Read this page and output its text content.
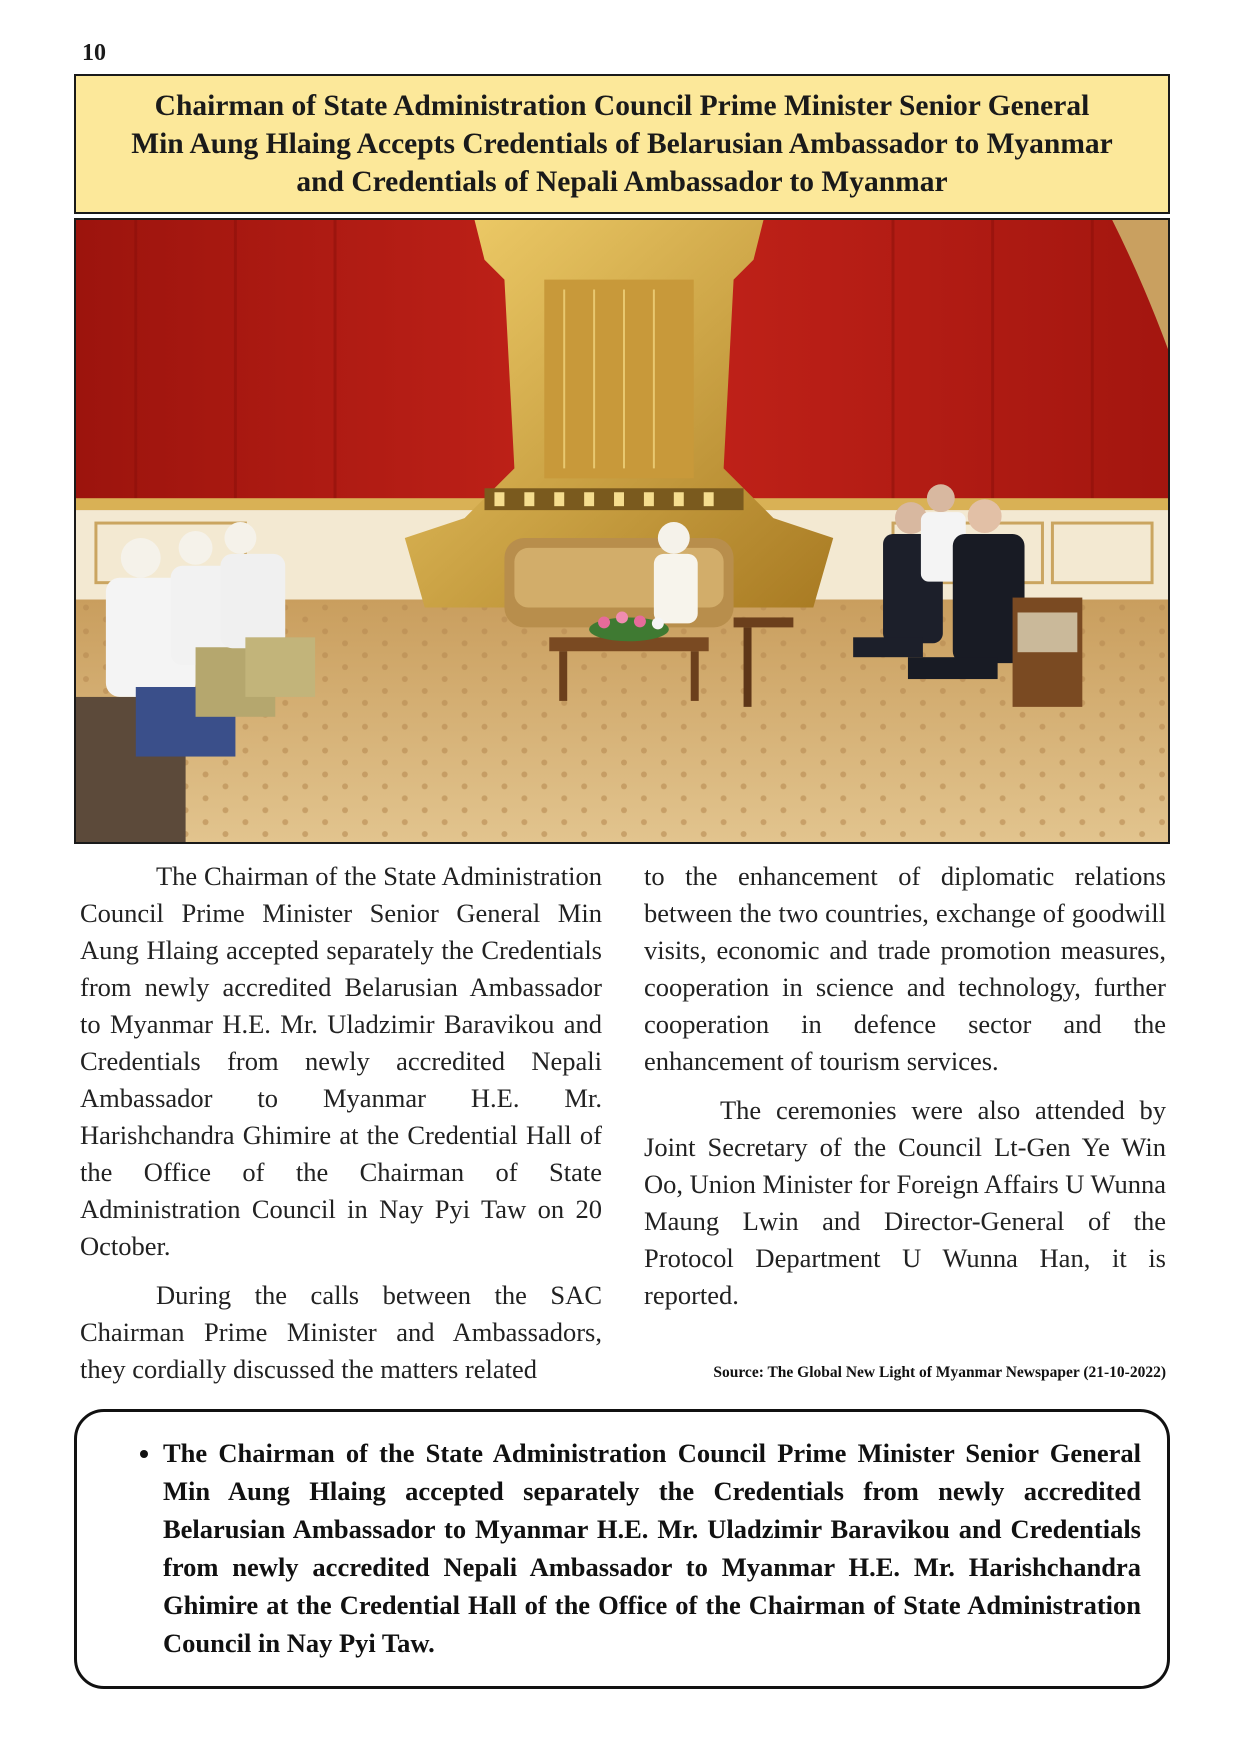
10
Chairman of State Administration Council Prime Minister Senior General
Min Aung Hlaing Accepts Credentials of Belarusian Ambassador to Myanmar
and Credentials of Nepali Ambassador to Myanmar

The Chairman of the State Administration Council Prime Minister Senior General Min Aung Hlaing accepted separately the Credentials from newly accredited Belarusian Ambassador to Myanmar H.E. Mr. Uladzimir Baravikou and Credentials from newly accredited Nepali Ambassador to Myanmar H.E. Mr. Harishchandra Ghimire at the Credential Hall of the Office of the Chairman of State Administration Council in Nay Pyi Taw on 20 October.

During the calls between the SAC Chairman Prime Minister and Ambassadors, they cordially discussed the matters related

to the enhancement of diplomatic relations between the two countries, exchange of goodwill visits, economic and trade promotion measures, cooperation in science and technology, further cooperation in defence sector and the enhancement of tourism services.

The ceremonies were also attended by Joint Secretary of the Council Lt-Gen Ye Win Oo, Union Minister for Foreign Affairs U Wunna Maung Lwin and Director-General of the Protocol Department U Wunna Han, it is reported.

Source: The Global New Light of Myanmar Newspaper (21-10-2022)
• The Chairman of the State Administration Council Prime Minister Senior General Min Aung Hlaing accepted separately the Credentials from newly accredited Belarusian Ambassador to Myanmar H.E. Mr. Uladzimir Baravikou and Credentials from newly accredited Nepali Ambassador to Myanmar H.E. Mr. Harishchandra Ghimire at the Credential Hall of the Office of the Chairman of State Administration Council in Nay Pyi Taw.
